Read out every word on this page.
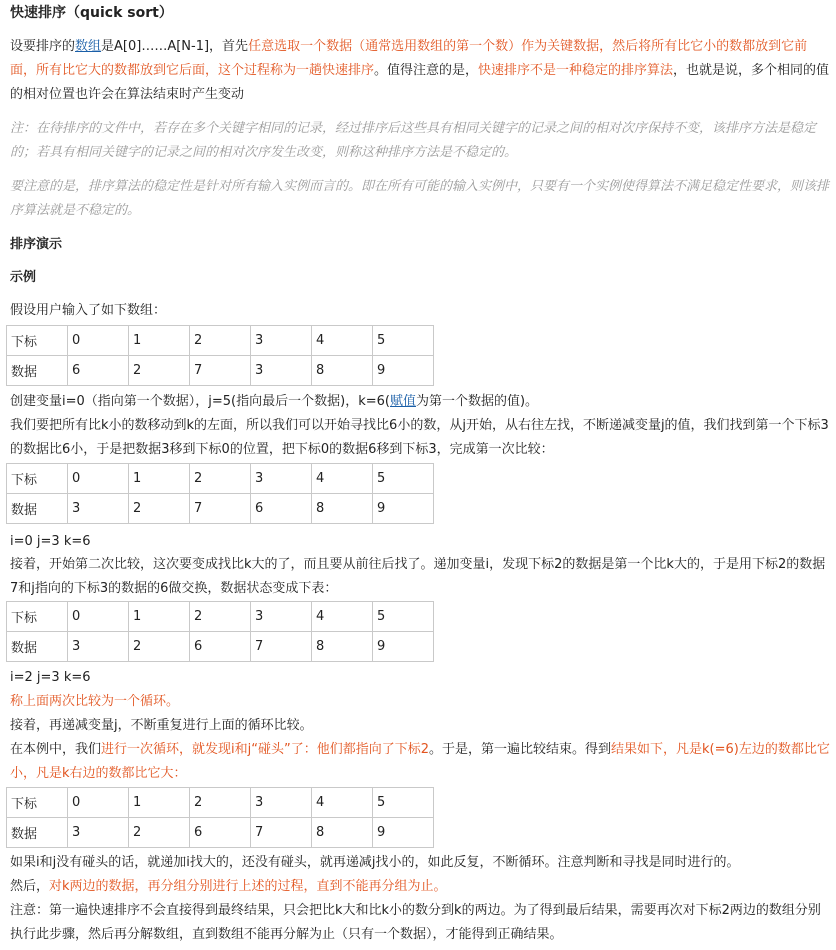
快速排序（quick sort）
设要排序的数组是A[0]……A[N-1]，首先任意选取一个数据（通常选用数组的第一个数）作为关键数据，然后将所有比它小的数都放到它前面，所有比它大的数都放到它后面，这个过程称为一趟快速排序。值得注意的是，快速排序不是一种稳定的排序算法，也就是说，多个相同的值的相对位置也许会在算法结束时产生变动
注：在待排序的文件中，若存在多个关键字相同的记录，经过排序后这些具有相同关键字的记录之间的相对次序保持不变，该排序方法是稳定的；若具有相同关键字的记录之间的相对次序发生改变，则称这种排序方法是不稳定的。
要注意的是，排序算法的稳定性是针对所有输入实例而言的。即在所有可能的输入实例中，只要有一个实例使得算法不满足稳定性要求，则该排序算法就是不稳定的。
排序演示
示例
假设用户输入了如下数组：
下标	0	1	2	3	4	5
数据	6	2	7	3	8	9
创建变量i=0（指向第一个数据），j=5(指向最后一个数据)，k=6(赋值为第一个数据的值)。
我们要把所有比k小的数移动到k的左面，所以我们可以开始寻找比6小的数，从j开始，从右往左找，不断递减变量j的值，我们找到第一个下标3的数据比6小，于是把数据3移到下标0的位置，把下标0的数据6移到下标3，完成第一次比较：
下标	0	1	2	3	4	5
数据	3	2	7	6	8	9
i=0 j=3 k=6
接着，开始第二次比较，这次要变成找比k大的了，而且要从前往后找了。递加变量i，发现下标2的数据是第一个比k大的，于是用下标2的数据7和j指向的下标3的数据的6做交换，数据状态变成下表：
下标	0	1	2	3	4	5
数据	3	2	6	7	8	9
i=2 j=3 k=6
称上面两次比较为一个循环。
接着，再递减变量j，不断重复进行上面的循环比较。
在本例中，我们进行一次循环，就发现i和j“碰头”了：他们都指向了下标2。于是，第一遍比较结束。得到结果如下，凡是k(=6)左边的数都比它小，凡是k右边的数都比它大：
下标	0	1	2	3	4	5
数据	3	2	6	7	8	9
如果i和j没有碰头的话，就递加i找大的，还没有碰头，就再递减j找小的，如此反复，不断循环。注意判断和寻找是同时进行的。
然后，对k两边的数据，再分组分别进行上述的过程，直到不能再分组为止。
注意：第一遍快速排序不会直接得到最终结果，只会把比k大和比k小的数分到k的两边。为了得到最后结果，需要再次对下标2两边的数组分别执行此步骤，然后再分解数组，直到数组不能再分解为止（只有一个数据），才能得到正确结果。
